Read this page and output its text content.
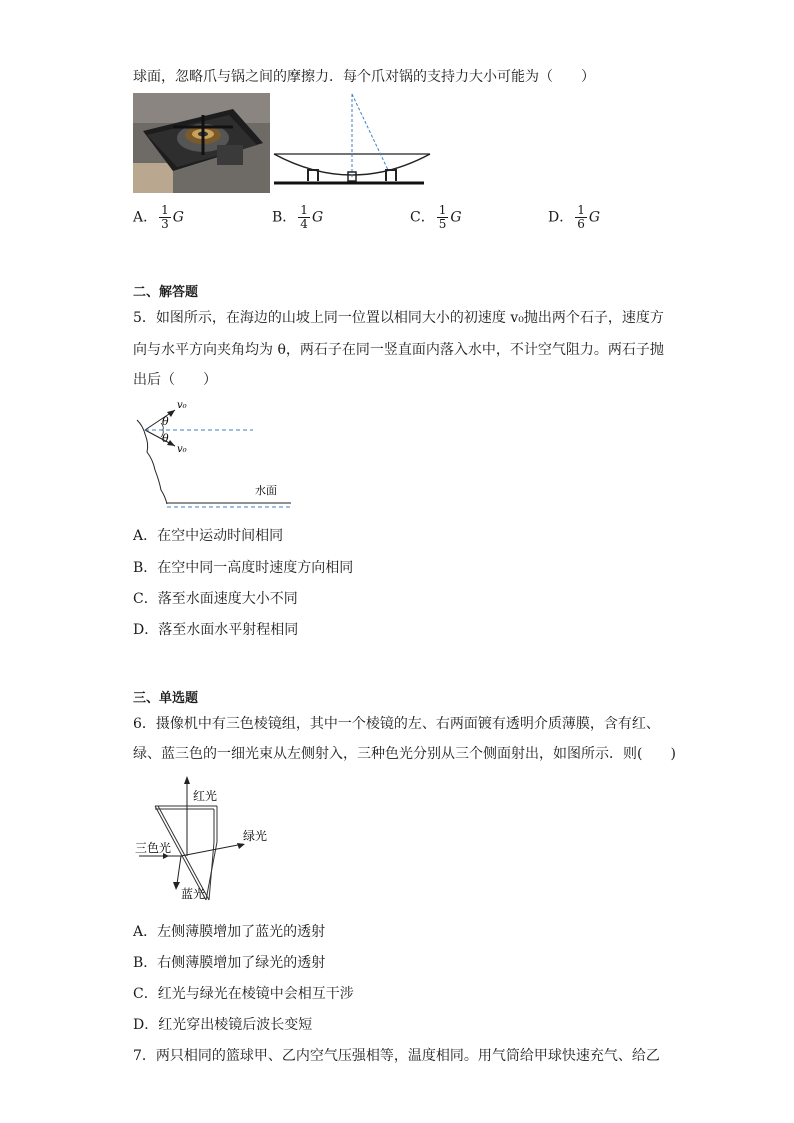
球面，忽略爪与锅之间的摩擦力．每个爪对锅的支持力大小可能为（　　）
A． $\frac{1}{3}$ G	B． $\frac{1}{4}$ G	C． $\frac{1}{5}$ G	D． $\frac{1}{6}$ G
二、解答题
5．如图所示，在海边的山坡上同一位置以相同大小的初速度 v₀抛出两个石子，速度方
向与水平方向夹角均为 θ，两石子在同一竖直面内落入水中，不计空气阻力。两石子抛
出后（　　）
v₀
θ
θ
v₀
水面
A．在空中运动时间相同
B．在空中同一高度时速度方向相同
C．落至水面速度大小不同
D．落至水面水平射程相同
三、单选题
6．摄像机中有三色棱镜组，其中一个棱镜的左、右两面镀有透明介质薄膜，含有红、
绿、蓝三色的一细光束从左侧射入，三种色光分别从三个侧面射出，如图所示．则(　　)
红光
绿光
三色光
蓝光
A．左侧薄膜增加了蓝光的透射
B．右侧薄膜增加了绿光的透射
C．红光与绿光在棱镜中会相互干涉
D．红光穿出棱镜后波长变短
7．两只相同的篮球甲、乙内空气压强相等，温度相同。用气筒给甲球快速充气、给乙
